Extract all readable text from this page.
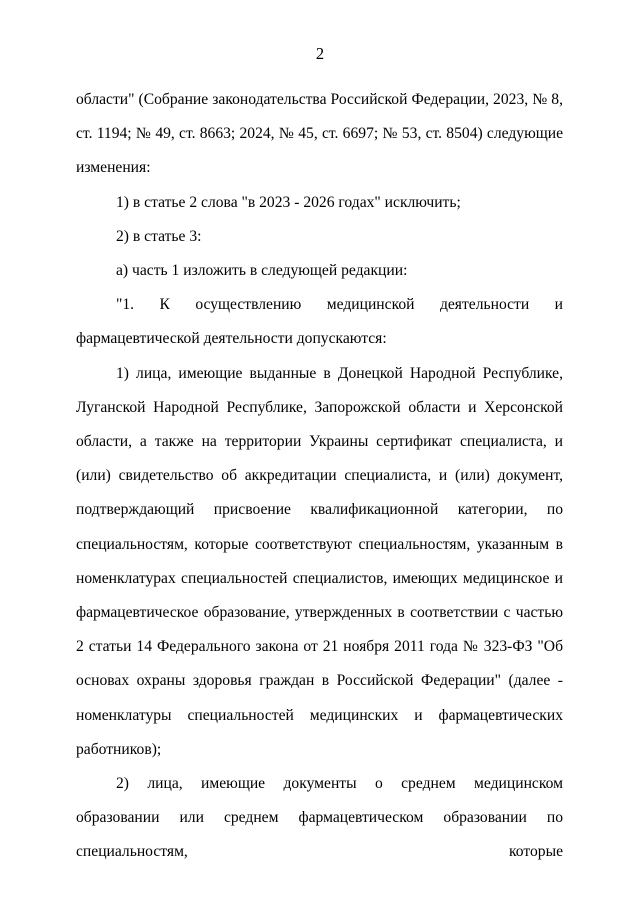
2

области" (Собрание законодательства Российской Федерации, 2023, № 8, ст. 1194; № 49, ст. 8663; 2024, № 45, ст. 6697; № 53, ст. 8504) следующие изменения:

1) в статье 2 слова "в 2023 - 2026 годах" исключить;

2) в статье 3:

а) часть 1 изложить в следующей редакции:

"1. К осуществлению медицинской деятельности и фармацевтической деятельности допускаются:

1) лица, имеющие выданные в Донецкой Народной Республике, Луганской Народной Республике, Запорожской области и Херсонской области, а также на территории Украины сертификат специалиста, и (или) свидетельство об аккредитации специалиста, и (или) документ, подтверждающий присвоение квалификационной категории, по специальностям, которые соответствуют специальностям, указанным в номенклатурах специальностей специалистов, имеющих медицинское и фармацевтическое образование, утвержденных в соответствии с частью 2 статьи 14 Федерального закона от 21 ноября 2011 года № 323-ФЗ "Об основах охраны здоровья граждан в Российской Федерации" (далее - номенклатуры специальностей медицинских и фармацевтических работников);

2) лица, имеющие документы о среднем медицинском образовании или среднем фармацевтическом образовании по специальностям, которые
